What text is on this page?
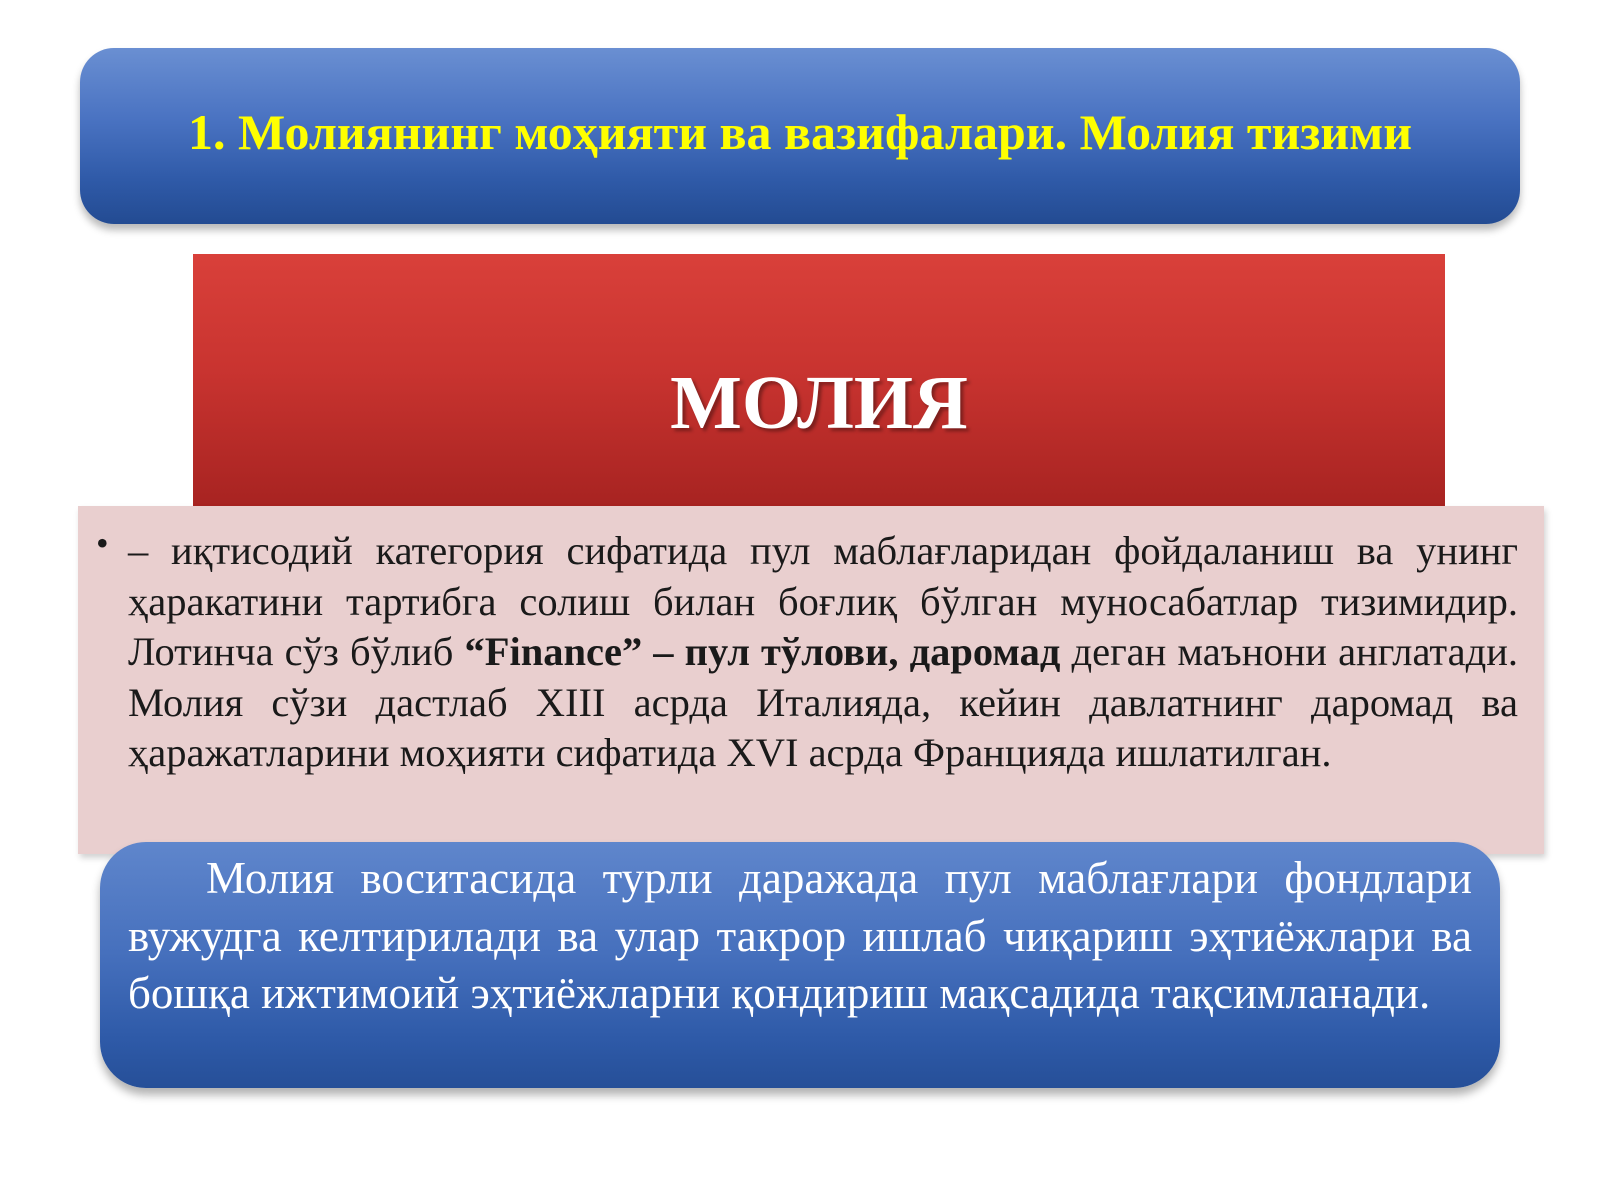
1. Молиянинг моҳияти ва вазифалари. Молия тизими
МОЛИЯ
• – иқтисодий категория сифатида пул маблағларидан фойдаланиш ва унинг ҳаракатини тартибга солиш билан боғлиқ бўлган муносабатлар тизимидир. Лотинча сўз бўлиб “Finance” – пул тўлови, даромад деган маънони англатади. Молия сўзи дастлаб XIII асрда Италияда, кейин давлатнинг даромад ва ҳаражатларини моҳияти сифатида XVI асрда Францияда ишлатилган.
Молия воситасида турли даражада пул маблағлари фондлари вужудга келтирилади ва улар такрор ишлаб чиқариш эҳтиёжлари ва бошқа ижтимоий эҳтиёжларни қондириш мақсадида тақсимланади.
